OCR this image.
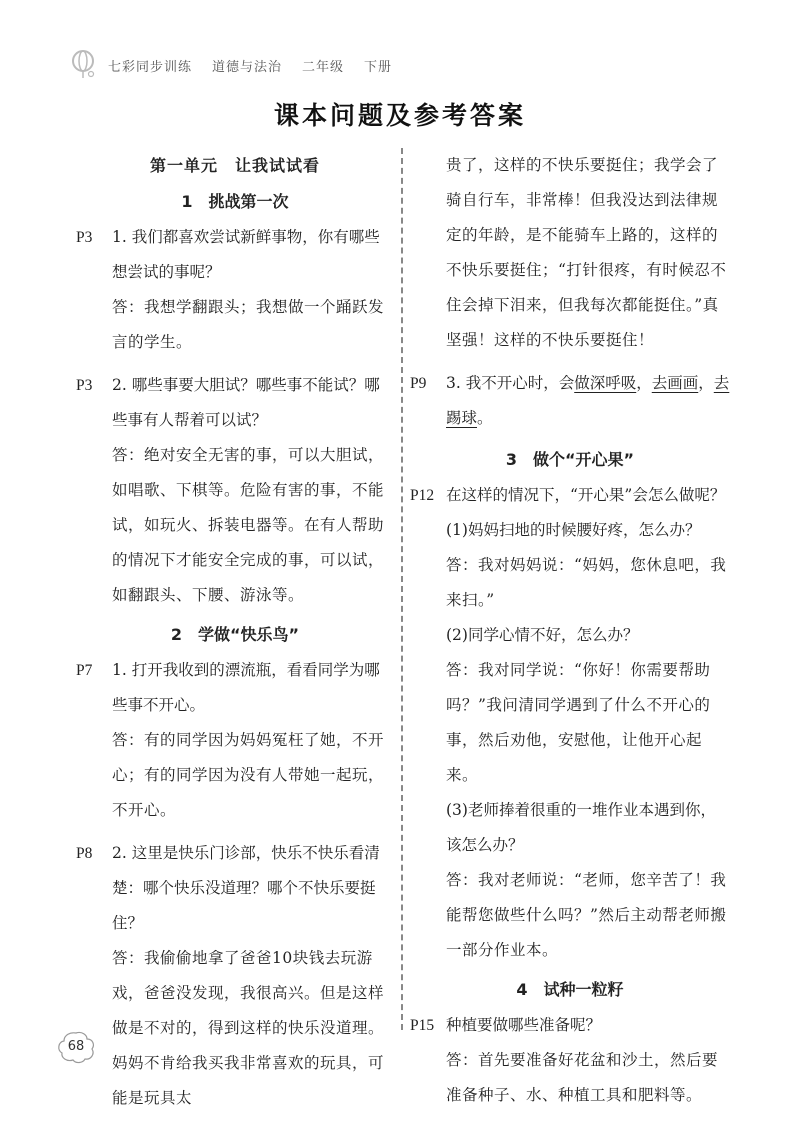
七彩同步训练 道德与法治 二年级 下册
课本问题及参考答案
第一单元　让我试试看
1　挑战第一次
P3 1. 我们都喜欢尝试新鲜事物，你有哪些想尝试的事呢？
答：我想学翻跟头；我想做一个踊跃发言的学生。
P3 2. 哪些事要大胆试？哪些事不能试？哪些事有人帮着可以试？
答：绝对安全无害的事，可以大胆试，如唱歌、下棋等。危险有害的事，不能试，如玩火、拆装电器等。在有人帮助的情况下才能安全完成的事，可以试，如翻跟头、下腰、游泳等。
2　学做“快乐鸟”
P7 1. 打开我收到的漂流瓶，看看同学为哪些事不开心。
答：有的同学因为妈妈冤枉了她，不开心；有的同学因为没有人带她一起玩，不开心。
P8 2. 这里是快乐门诊部，快乐不快乐看清楚：哪个快乐没道理？哪个不快乐要挺住？
答：我偷偷地拿了爸爸10块钱去玩游戏，爸爸没发现，我很高兴。但是这样做是不对的，得到这样的快乐没道理。妈妈不肯给我买我非常喜欢的玩具，可能是玩具太
贵了，这样的不快乐要挺住；我学会了骑自行车，非常棒！但我没达到法律规定的年龄，是不能骑车上路的，这样的不快乐要挺住；“打针很疼，有时候忍不住会掉下泪来，但我每次都能挺住。”真坚强！这样的不快乐要挺住！
P9 3. 我不开心时，会做深呼吸，去画画，去踢球。
3　做个“开心果”
P12 在这样的情况下，“开心果”会怎么做呢？
(1)妈妈扫地的时候腰好疼，怎么办？
答：我对妈妈说：“妈妈，您休息吧，我来扫。”
(2)同学心情不好，怎么办？
答：我对同学说：“你好！你需要帮助吗？”我问清同学遇到了什么不开心的事，然后劝他，安慰他，让他开心起来。
(3)老师捧着很重的一堆作业本遇到你，该怎么办？
答：我对老师说：“老师，您辛苦了！我能帮您做些什么吗？”然后主动帮老师搬一部分作业本。
4　试种一粒籽
P15 种植要做哪些准备呢？
答：首先要准备好花盆和沙土，然后要准备种子、水、种植工具和肥料等。
68
